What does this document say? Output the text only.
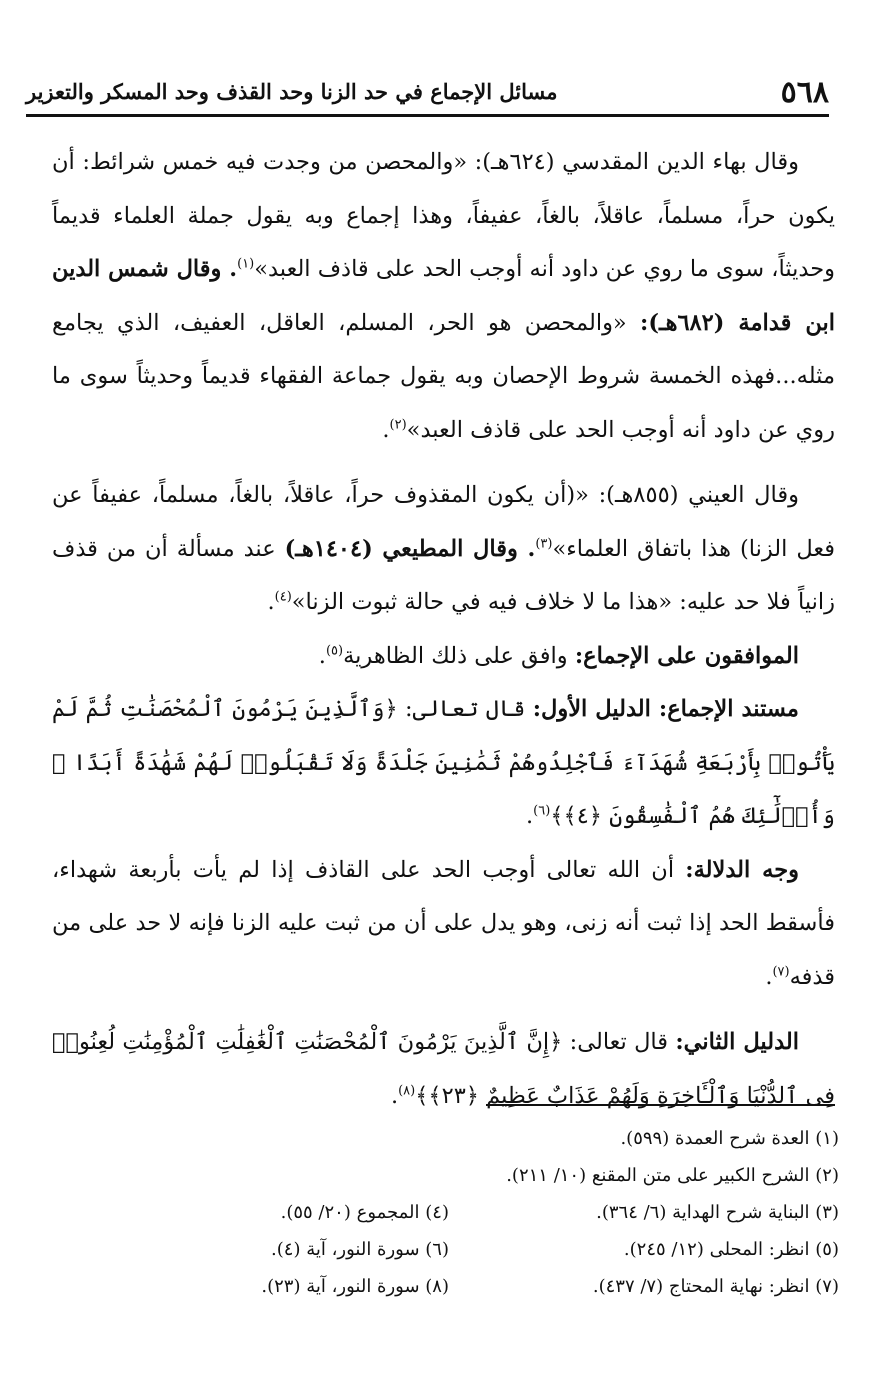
٥٦٨
مسائل الإجماع في حد الزنا وحد القذف وحد المسكر والتعزير

وقال بهاء الدين المقدسي (٦٢٤هـ): «والمحصن من وجدت فيه خمس شرائط: أن يكون حراً، مسلماً، عاقلاً، بالغاً، عفيفاً، وهذا إجماع وبه يقول جملة العلماء قديماً وحديثاً، سوى ما روي عن داود أنه أوجب الحد على قاذف العبد»$^{(١)}$. وقال شمس الدين ابن قدامة (٦٨٢هـ): «والمحصن هو الحر، المسلم، العاقل، العفيف، الذي يجامع مثله...فهذه الخمسة شروط الإحصان وبه يقول جماعة الفقهاء قديماً وحديثاً سوى ما روي عن داود أنه أوجب الحد على قاذف العبد»$^{(٢)}$.

وقال العيني (٨٥٥هـ): «(أن يكون المقذوف حراً، عاقلاً، بالغاً، مسلماً، عفيفاً عن فعل الزنا) هذا باتفاق العلماء»$^{(٣)}$. وقال المطيعي (١٤٠٤هـ) عند مسألة أن من قذف زانياً فلا حد عليه: «هذا ما لا خلاف فيه في حالة ثبوت الزنا»$^{(٤)}$.

الموافقون على الإجماع: وافق على ذلك الظاهرية$^{(٥)}$.

مستند الإجماع: الدليل الأول: قال تعالى: ﴿وَٱلَّذِينَ يَرْمُونَ ٱلْمُحْصَنَٰتِ ثُمَّ لَمْ يَأْتُوا۟ بِأَرْبَعَةِ شُهَدَآءَ فَٱجْلِدُوهُمْ ثَمَٰنِينَ جَلْدَةً وَلَا تَقْبَلُوا۟ لَهُمْ شَهَٰدَةً أَبَدًا ۚ وَأُو۟لَٰٓئِكَ هُمُ ٱلْفَٰسِقُونَ ﴿٤﴾﴾$^{(٦)}$.

وجه الدلالة: أن الله تعالى أوجب الحد على القاذف إذا لم يأت بأربعة شهداء، فأسقط الحد إذا ثبت أنه زنى، وهو يدل على أن من ثبت عليه الزنا فإنه لا حد على من قذفه$^{(٧)}$.

الدليل الثاني: قال تعالى: ﴿إِنَّ ٱلَّذِينَ يَرْمُونَ ٱلْمُحْصَنَٰتِ ٱلْغَٰفِلَٰتِ ٱلْمُؤْمِنَٰتِ لُعِنُوا۟ فِى ٱلدُّنْيَا وَٱلْـَٔاخِرَةِ وَلَهُمْ عَذَابٌ عَظِيمٌ ﴿٢٣﴾﴾$^{(٨)}$.

(١) العدة شرح العمدة (٥٩٩).
(٢) الشرح الكبير على متن المقنع (١٠/ ٢١١).
(٣) البناية شرح الهداية (٦/ ٣٦٤).
(٤) المجموع (٢٠/ ٥٥).
(٥) انظر: المحلى (١٢/ ٢٤٥).
(٦) سورة النور، آية (٤).
(٧) انظر: نهاية المحتاج (٧/ ٤٣٧).
(٨) سورة النور، آية (٢٣).
